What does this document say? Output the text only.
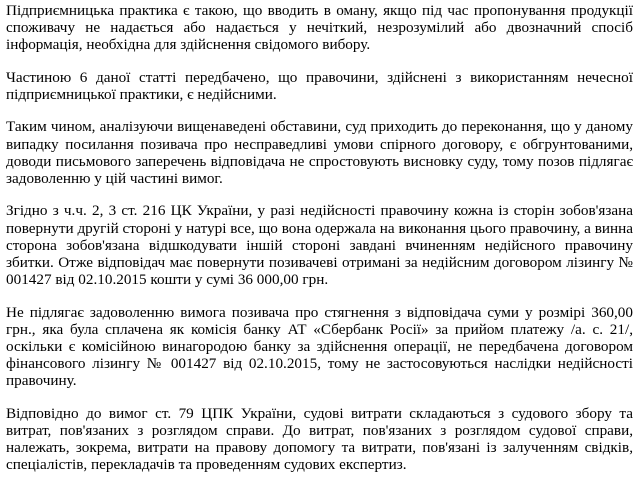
Підприємницька практика є такою, що вводить в оману, якщо під час пропонування продукції споживачу не надається або надається у нечіткий, незрозумілий або двозначний спосіб інформація, необхідна для здійснення свідомого вибору.

Частиною 6 даної статті передбачено, що правочини, здійснені з використанням нечесної підприємницької практики, є недійсними.

Таким чином, аналізуючи вищенаведені обставини, суд приходить до переконання, що у даному випадку посилання позивача про несправедливі умови спірного договору, є обгрунтованими, доводи письмового заперечень відповідача не спростовують висновку суду, тому позов підлягає задоволенню у цій частині вимог.

Згідно з ч.ч. 2, 3 ст. 216 ЦК України, у разі недійсності правочину кожна із сторін зобов'язана повернути другій стороні у натурі все, що вона одержала на виконання цього правочину, а винна сторона зобов'язана відшкодувати іншій стороні завдані вчиненням недійсного правочину збитки. Отже відповідач має повернути позивачеві отримані за недійсним договором лізингу № 001427 від 02.10.2015 кошти у сумі 36 000,00 грн.

Не підлягає задоволенню вимога позивача про стягнення з відповідача суми у розмірі 360,00 грн., яка була сплачена як комісія банку АТ «Сбербанк Росії» за прийом платежу /а. с. 21/, оскільки є комісійною винагородою банку за здійснення операції, не передбачена договором фінансового лізингу № 001427 від 02.10.2015, тому не застосовуються наслідки недійсності правочину.

Відповідно до вимог ст. 79 ЦПК України, судові витрати складаються з судового збору та витрат, пов'язаних з розглядом справи. До витрат, пов'язаних з розглядом судової справи, належать, зокрема, витрати на правову допомогу та витрати, пов'язані із залученням свідків, спеціалістів, перекладачів та проведенням судових експертиз.
